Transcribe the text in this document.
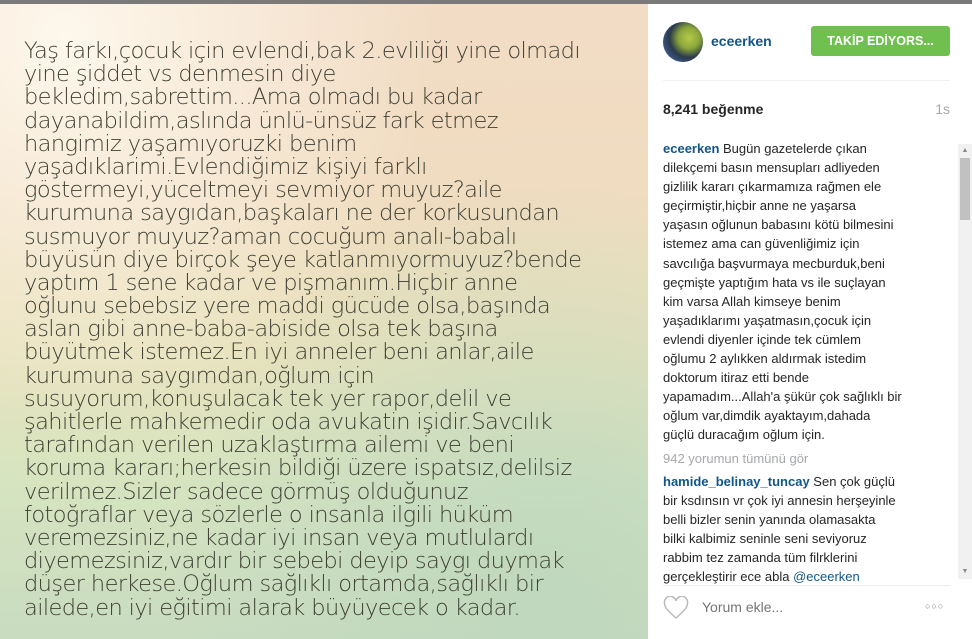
Yaş farkı,çocuk için evlendi,bak 2.evliliği yine olmadı
yine şiddet vs denmesin diye
bekledim,sabrettim...Ama olmadı bu kadar
dayanabildim,aslında ünlü-ünsüz fark etmez
hangimiz yaşamıyoruzki benim
yaşadıklarimi.Evlendiğimiz kişiyi farklı
göstermeyi,yüceltmeyi sevmiyor muyuz?aile
kurumuna saygıdan,başkaları ne der korkusundan
susmuyor muyuz?aman cocuğum analı-babalı
büyüsün diye birçok şeye katlanmıyormuyuz?bende
yaptım 1 sene kadar ve pişmanım.Hiçbir anne
oğlunu sebebsiz yere maddi gücüde olsa,başında
aslan gibi anne-baba-abiside olsa tek başına
büyütmek istemez.En iyi anneler beni anlar,aile
kurumuna saygımdan,oğlum için
susuyorum,konuşulacak tek yer rapor,delil ve
şahitlerle mahkemedir oda avukatin işidir.Savcılık
tarafından verilen uzaklaştırma ailemi ve beni
koruma kararı;herkesin bildiği üzere ispatsız,delilsiz
verilmez.Sizler sadece görmüş olduğunuz
fotoğraflar veya sözlerle o insanla ilgili hüküm
veremezsiniz,ne kadar iyi insan veya mutlulardı
diyemezsiniz,vardır bir sebebi deyip saygı duymak
düşer herkese.Oğlum sağlıklı ortamda,sağlıklı bir
ailede,en iyi eğitimi alarak büyüyecek o kadar.
eceerken	TAKİP EDİYORS...
8,241 beğenme	1s
eceerken Bugün gazetelerde çıkan
dilekçemi basın mensupları adliyeden
gizlilik kararı çıkarmamıza rağmen ele
geçirmiştir,hiçbir anne ne yaşarsa
yaşasın oğlunun babasını kötü bilmesini
istemez ama can güvenliğimiz için
savcılığa başvurmaya mecburduk,beni
geçmişte yaptığım hata vs ile suçlayan
kim varsa Allah kimseye benim
yaşadıklarımı yaşatmasın,çocuk için
evlendi diyenler içinde tek cümlem
oğlumu 2 aylıkken aldırmak istedim
doktorum itiraz etti bende
yapamadım...Allah'a şükür çok sağlıklı bir
oğlum var,dimdik ayaktayım,dahada
güçlü duracağım oğlum için.
942 yorumun tümünü gör
hamide_belinay_tuncay Sen çok güçlü
bir ksdınsın vr çok iyi annesin herşeyinle
belli bizler senin yanında olamasakta
bilki kalbimiz seninle seni seviyoruz
rabbim tez zamanda tüm filrklerini
gerçekleştirir ece abla @eceerken
▲
▼
Yorum ekle...
○○○
